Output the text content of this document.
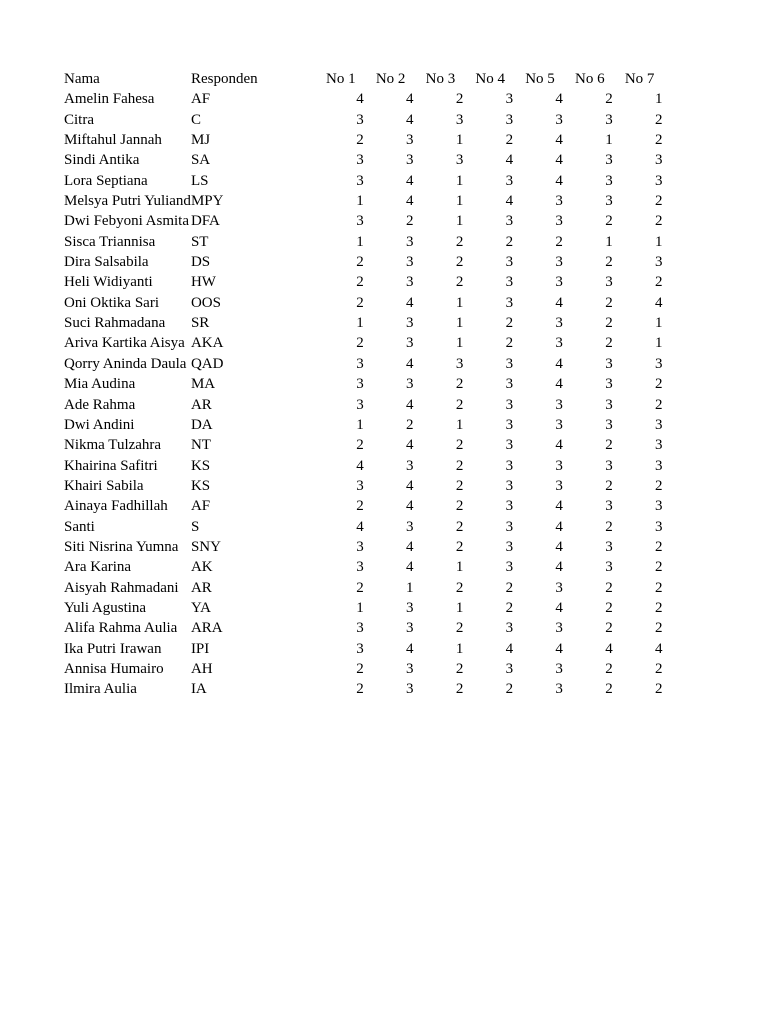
Nama	Responden	No 1	No 2	No 3	No 4	No 5	No 6	No 7
Amelin Fahesa	AF	4	4	2	3	4	2	1
Citra	C	3	4	3	3	3	3	2
Miftahul Jannah	MJ	2	3	1	2	4	1	2
Sindi Antika	SA	3	3	3	4	4	3	3
Lora Septiana	LS	3	4	1	3	4	3	3
Melsya Putri Yuliand	MPY	1	4	1	4	3	3	2
Dwi Febyoni Asmita	DFA	3	2	1	3	3	2	2
Sisca Triannisa	ST	1	3	2	2	2	1	1
Dira Salsabila	DS	2	3	2	3	3	2	3
Heli Widiyanti	HW	2	3	2	3	3	3	2
Oni Oktika Sari	OOS	2	4	1	3	4	2	4
Suci Rahmadana	SR	1	3	1	2	3	2	1
Ariva Kartika Aisya	AKA	2	3	1	2	3	2	1
Qorry Aninda Daula	QAD	3	4	3	3	4	3	3
Mia Audina	MA	3	3	2	3	4	3	2
Ade Rahma	AR	3	4	2	3	3	3	2
Dwi Andini	DA	1	2	1	3	3	3	3
Nikma Tulzahra	NT	2	4	2	3	4	2	3
Khairina Safitri	KS	4	3	2	3	3	3	3
Khairi Sabila	KS	3	4	2	3	3	2	2
Ainaya Fadhillah	AF	2	4	2	3	4	3	3
Santi	S	4	3	2	3	4	2	3
Siti Nisrina Yumna	SNY	3	4	2	3	4	3	2
Ara Karina	AK	3	4	1	3	4	3	2
Aisyah Rahmadani	AR	2	1	2	2	3	2	2
Yuli Agustina	YA	1	3	1	2	4	2	2
Alifa Rahma Aulia	ARA	3	3	2	3	3	2	2
Ika Putri Irawan	IPI	3	4	1	4	4	4	4
Annisa Humairo	AH	2	3	2	3	3	2	2
Ilmira Aulia	IA	2	3	2	2	3	2	2
